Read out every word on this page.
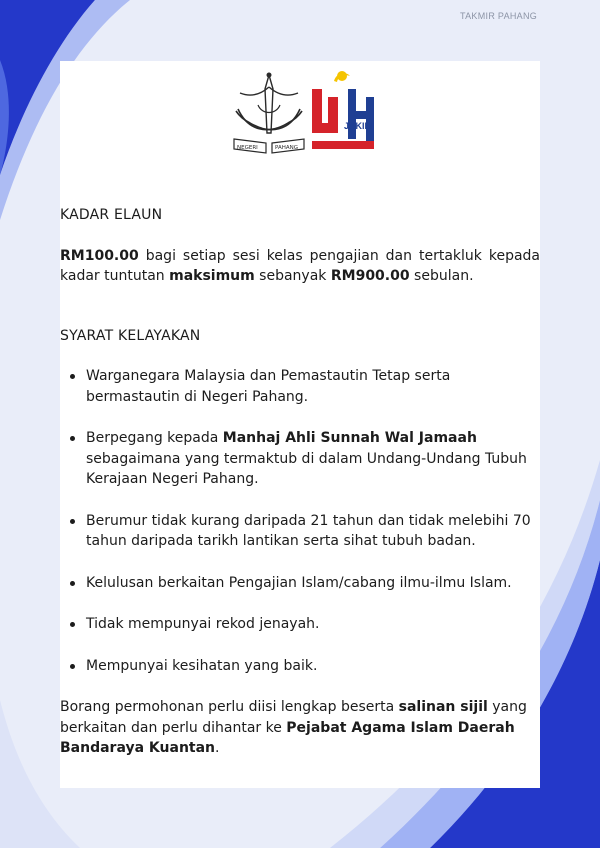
TAKMIR PAHANG
NEGERI	PAHANG
JAKIM
KADAR ELAUN

RM100.00 bagi setiap sesi kelas pengajian dan tertakluk kepada kadar tuntutan maksimum sebanyak RM900.00 sebulan.

SYARAT KELAYAKAN
Warganegara Malaysia dan Pemastautin Tetap serta bermastautin di Negeri Pahang.
Berpegang kepada Manhaj Ahli Sunnah Wal Jamaah sebagaimana yang termaktub di dalam Undang-Undang Tubuh Kerajaan Negeri Pahang.
Berumur tidak kurang daripada 21 tahun dan tidak melebihi 70 tahun daripada tarikh lantikan serta sihat tubuh badan.
Kelulusan berkaitan Pengajian Islam/cabang ilmu-ilmu Islam.
Tidak mempunyai rekod jenayah.
Mempunyai kesihatan yang baik.

Borang permohonan perlu diisi lengkap beserta salinan sijil yang berkaitan dan perlu dihantar ke Pejabat Agama Islam Daerah Bandaraya Kuantan.
